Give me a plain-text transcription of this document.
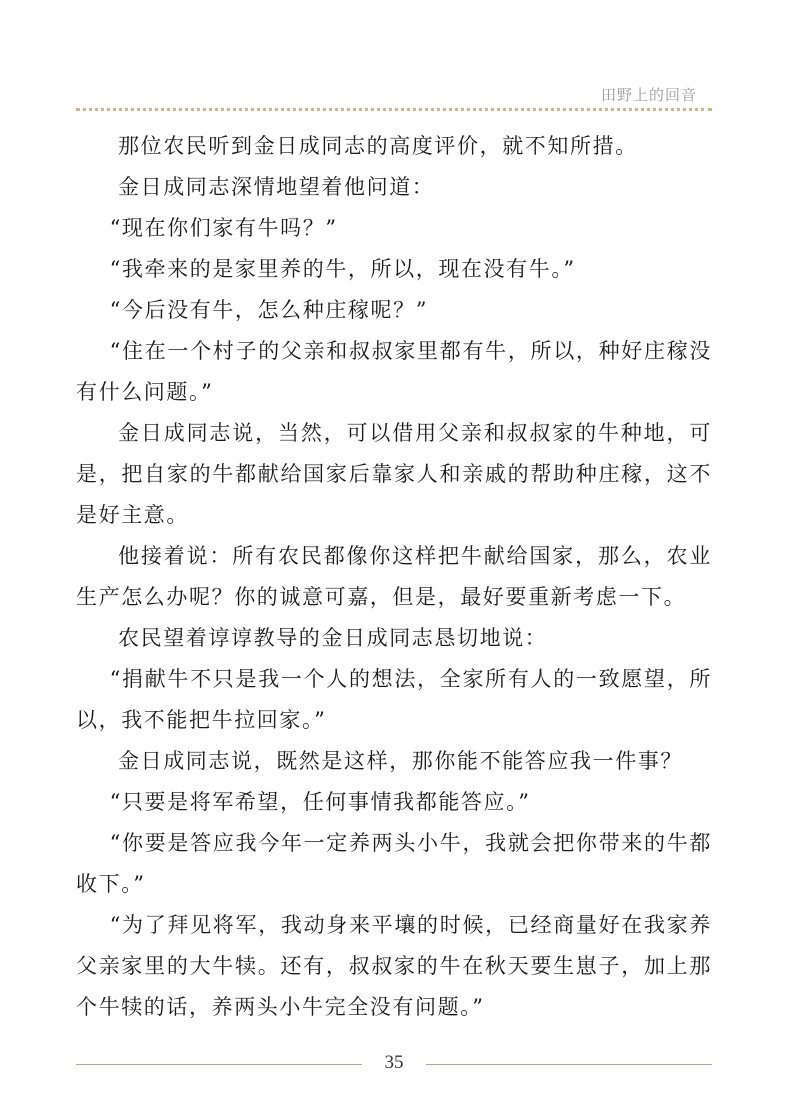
田野上的回音

那位农民听到金日成同志的高度评价，就不知所措。

金日成同志深情地望着他问道：

“现在你们家有牛吗？”

“我牵来的是家里养的牛，所以，现在没有牛。”

“今后没有牛，怎么种庄稼呢？”

“住在一个村子的父亲和叔叔家里都有牛，所以，种好庄稼没有什么问题。”

金日成同志说，当然，可以借用父亲和叔叔家的牛种地，可是，把自家的牛都献给国家后靠家人和亲戚的帮助种庄稼，这不是好主意。

他接着说：所有农民都像你这样把牛献给国家，那么，农业生产怎么办呢？你的诚意可嘉，但是，最好要重新考虑一下。

农民望着谆谆教导的金日成同志恳切地说：

“捐献牛不只是我一个人的想法，全家所有人的一致愿望，所以，我不能把牛拉回家。”

金日成同志说，既然是这样，那你能不能答应我一件事？

“只要是将军希望，任何事情我都能答应。”

“你要是答应我今年一定养两头小牛，我就会把你带来的牛都收下。”

“为了拜见将军，我动身来平壤的时候，已经商量好在我家养父亲家里的大牛犊。还有，叔叔家的牛在秋天要生崽子，加上那个牛犊的话，养两头小牛完全没有问题。”

35
